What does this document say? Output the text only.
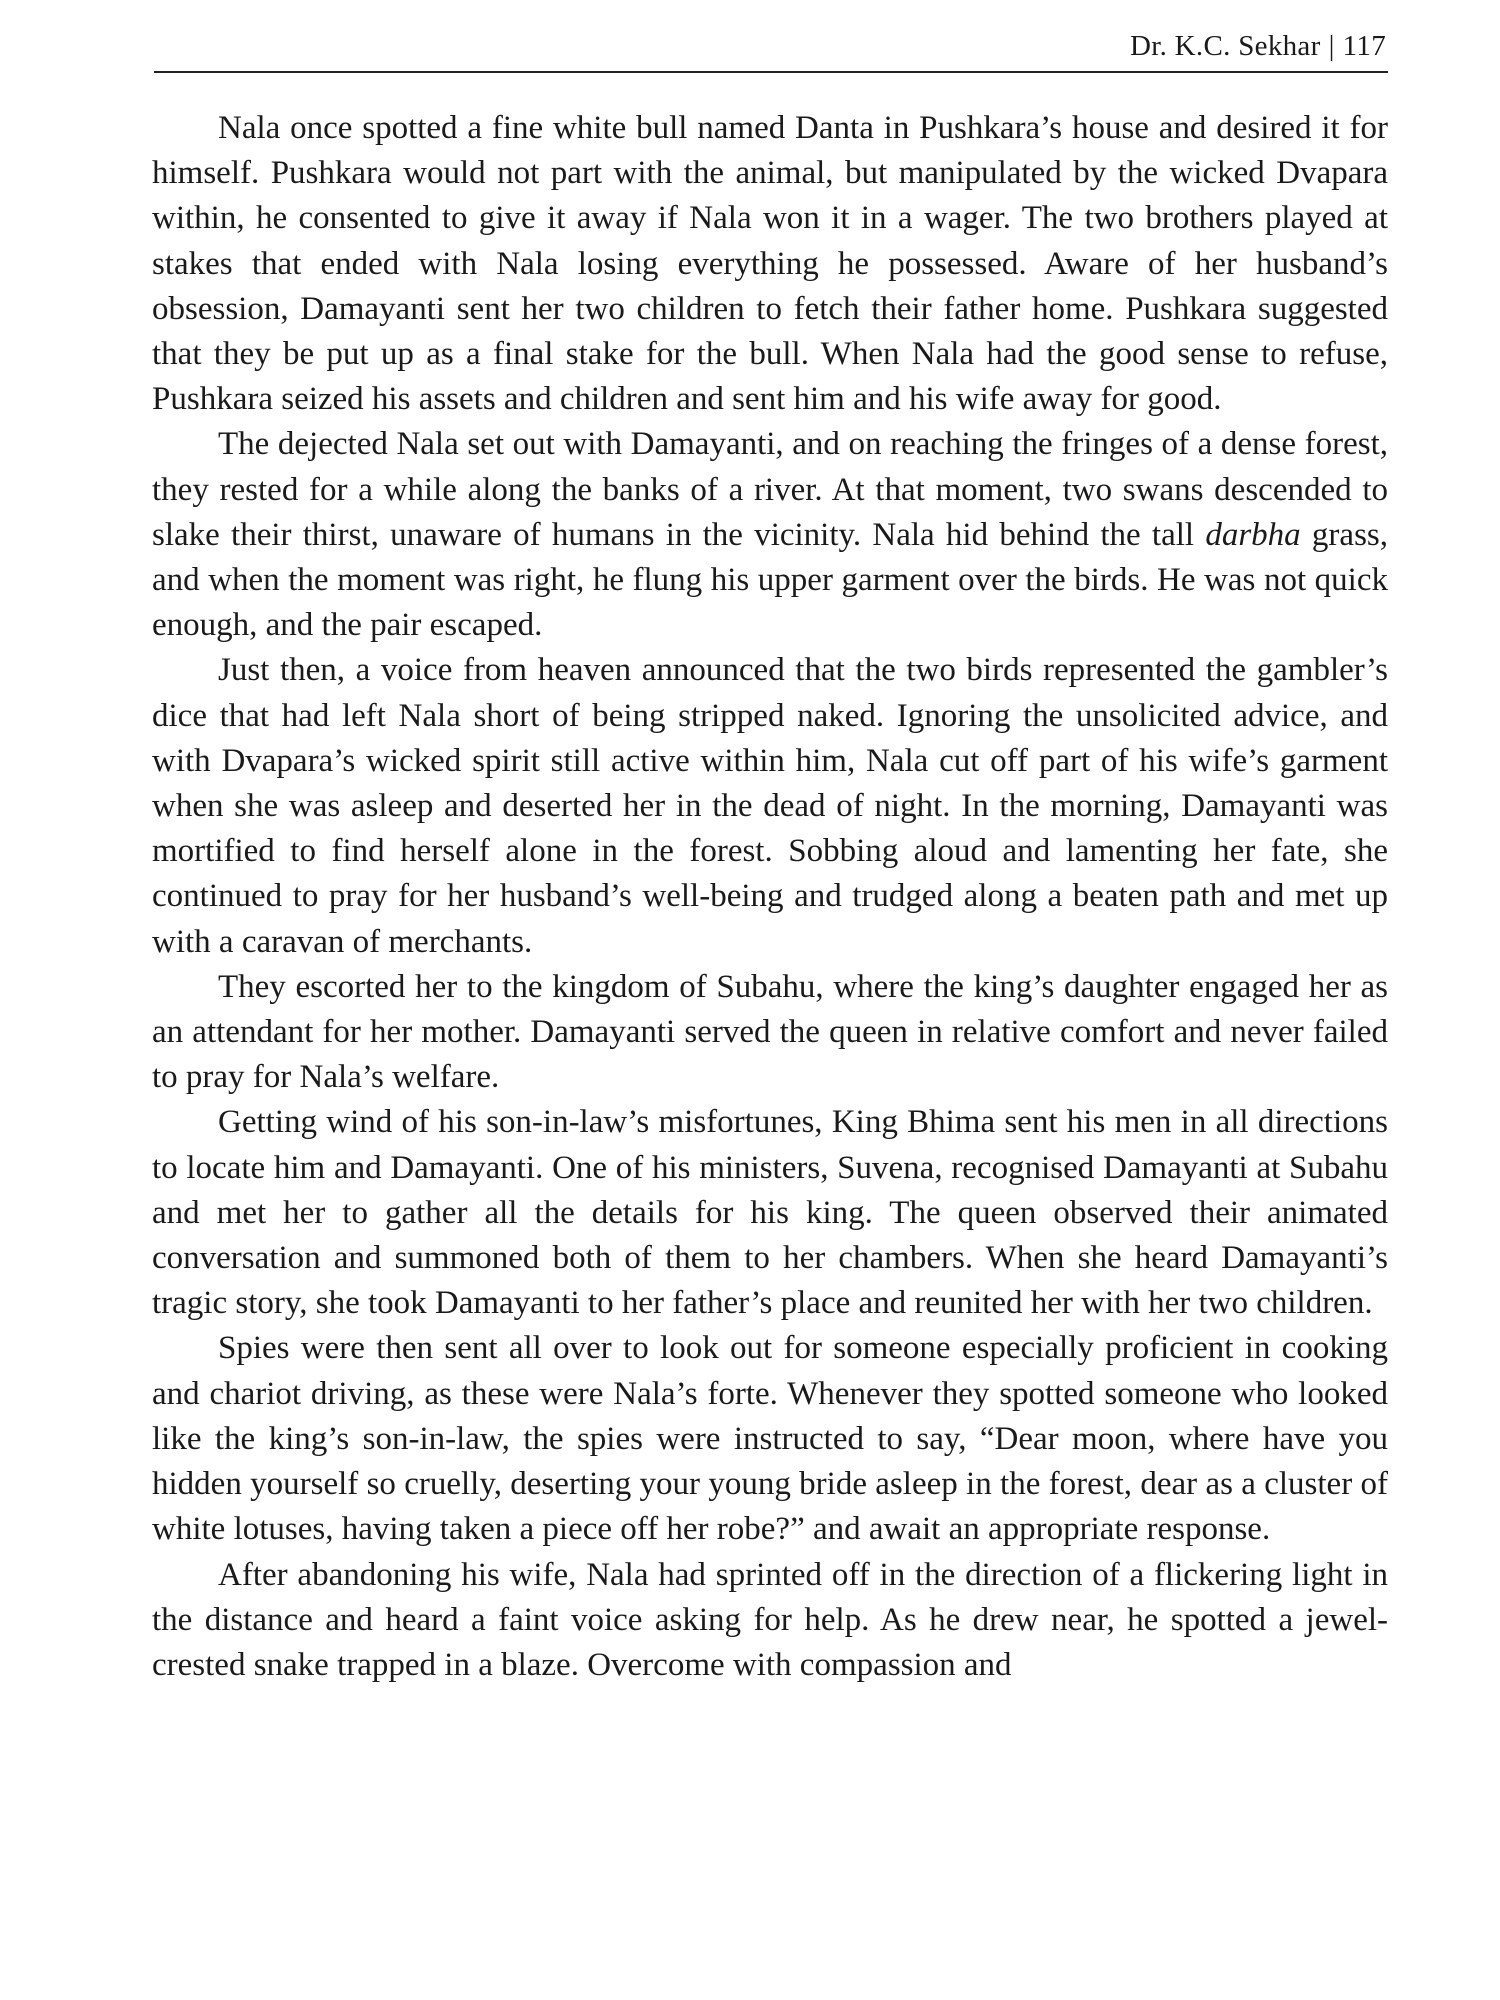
Dr. K.C. Sekhar | 117

Nala once spotted a fine white bull named Danta in Pushkara’s house and desired it for himself. Pushkara would not part with the animal, but manipulated by the wicked Dvapara within, he consented to give it away if Nala won it in a wager. The two brothers played at stakes that ended with Nala losing everything he possessed. Aware of her husband’s obsession, Damayanti sent her two children to fetch their father home. Pushkara suggested that they be put up as a final stake for the bull. When Nala had the good sense to refuse, Pushkara seized his assets and children and sent him and his wife away for good.

The dejected Nala set out with Damayanti, and on reaching the fringes of a dense forest, they rested for a while along the banks of a river. At that moment, two swans descended to slake their thirst, unaware of humans in the vicinity. Nala hid behind the tall darbha grass, and when the moment was right, he flung his upper garment over the birds. He was not quick enough, and the pair escaped.

Just then, a voice from heaven announced that the two birds represented the gambler’s dice that had left Nala short of being stripped naked. Ignoring the unsolicited advice, and with Dvapara’s wicked spirit still active within him, Nala cut off part of his wife’s garment when she was asleep and deserted her in the dead of night. In the morning, Damayanti was mortified to find herself alone in the forest. Sobbing aloud and lamenting her fate, she continued to pray for her husband’s well-being and trudged along a beaten path and met up with a caravan of merchants.

They escorted her to the kingdom of Subahu, where the king’s daughter engaged her as an attendant for her mother. Damayanti served the queen in relative comfort and never failed to pray for Nala’s welfare.

Getting wind of his son-in-law’s misfortunes, King Bhima sent his men in all directions to locate him and Damayanti. One of his ministers, Suvena, recognised Damayanti at Subahu and met her to gather all the details for his king. The queen observed their animated conversation and summoned both of them to her chambers. When she heard Damayanti’s tragic story, she took Damayanti to her father’s place and reunited her with her two children.

Spies were then sent all over to look out for someone especially proficient in cooking and chariot driving, as these were Nala’s forte. Whenever they spotted someone who looked like the king’s son-in-law, the spies were instructed to say, “Dear moon, where have you hidden yourself so cruelly, deserting your young bride asleep in the forest, dear as a cluster of white lotuses, having taken a piece off her robe?” and await an appropriate response.

After abandoning his wife, Nala had sprinted off in the direction of a flickering light in the distance and heard a faint voice asking for help. As he drew near, he spotted a jewel-crested snake trapped in a blaze. Overcome with compassion and
